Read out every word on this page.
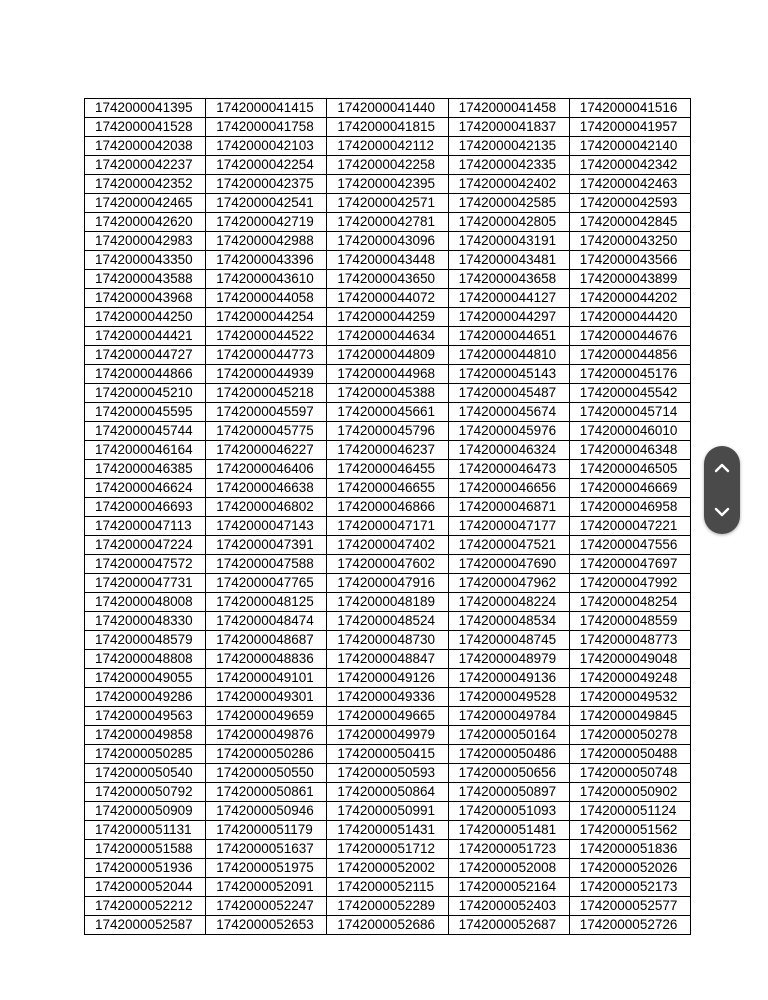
1742000041395	1742000041415	1742000041440	1742000041458	1742000041516
1742000041528	1742000041758	1742000041815	1742000041837	1742000041957
1742000042038	1742000042103	1742000042112	1742000042135	1742000042140
1742000042237	1742000042254	1742000042258	1742000042335	1742000042342
1742000042352	1742000042375	1742000042395	1742000042402	1742000042463
1742000042465	1742000042541	1742000042571	1742000042585	1742000042593
1742000042620	1742000042719	1742000042781	1742000042805	1742000042845
1742000042983	1742000042988	1742000043096	1742000043191	1742000043250
1742000043350	1742000043396	1742000043448	1742000043481	1742000043566
1742000043588	1742000043610	1742000043650	1742000043658	1742000043899
1742000043968	1742000044058	1742000044072	1742000044127	1742000044202
1742000044250	1742000044254	1742000044259	1742000044297	1742000044420
1742000044421	1742000044522	1742000044634	1742000044651	1742000044676
1742000044727	1742000044773	1742000044809	1742000044810	1742000044856
1742000044866	1742000044939	1742000044968	1742000045143	1742000045176
1742000045210	1742000045218	1742000045388	1742000045487	1742000045542
1742000045595	1742000045597	1742000045661	1742000045674	1742000045714
1742000045744	1742000045775	1742000045796	1742000045976	1742000046010
1742000046164	1742000046227	1742000046237	1742000046324	1742000046348
1742000046385	1742000046406	1742000046455	1742000046473	1742000046505
1742000046624	1742000046638	1742000046655	1742000046656	1742000046669
1742000046693	1742000046802	1742000046866	1742000046871	1742000046958
1742000047113	1742000047143	1742000047171	1742000047177	1742000047221
1742000047224	1742000047391	1742000047402	1742000047521	1742000047556
1742000047572	1742000047588	1742000047602	1742000047690	1742000047697
1742000047731	1742000047765	1742000047916	1742000047962	1742000047992
1742000048008	1742000048125	1742000048189	1742000048224	1742000048254
1742000048330	1742000048474	1742000048524	1742000048534	1742000048559
1742000048579	1742000048687	1742000048730	1742000048745	1742000048773
1742000048808	1742000048836	1742000048847	1742000048979	1742000049048
1742000049055	1742000049101	1742000049126	1742000049136	1742000049248
1742000049286	1742000049301	1742000049336	1742000049528	1742000049532
1742000049563	1742000049659	1742000049665	1742000049784	1742000049845
1742000049858	1742000049876	1742000049979	1742000050164	1742000050278
1742000050285	1742000050286	1742000050415	1742000050486	1742000050488
1742000050540	1742000050550	1742000050593	1742000050656	1742000050748
1742000050792	1742000050861	1742000050864	1742000050897	1742000050902
1742000050909	1742000050946	1742000050991	1742000051093	1742000051124
1742000051131	1742000051179	1742000051431	1742000051481	1742000051562
1742000051588	1742000051637	1742000051712	1742000051723	1742000051836
1742000051936	1742000051975	1742000052002	1742000052008	1742000052026
1742000052044	1742000052091	1742000052115	1742000052164	1742000052173
1742000052212	1742000052247	1742000052289	1742000052403	1742000052577
1742000052587	1742000052653	1742000052686	1742000052687	1742000052726
